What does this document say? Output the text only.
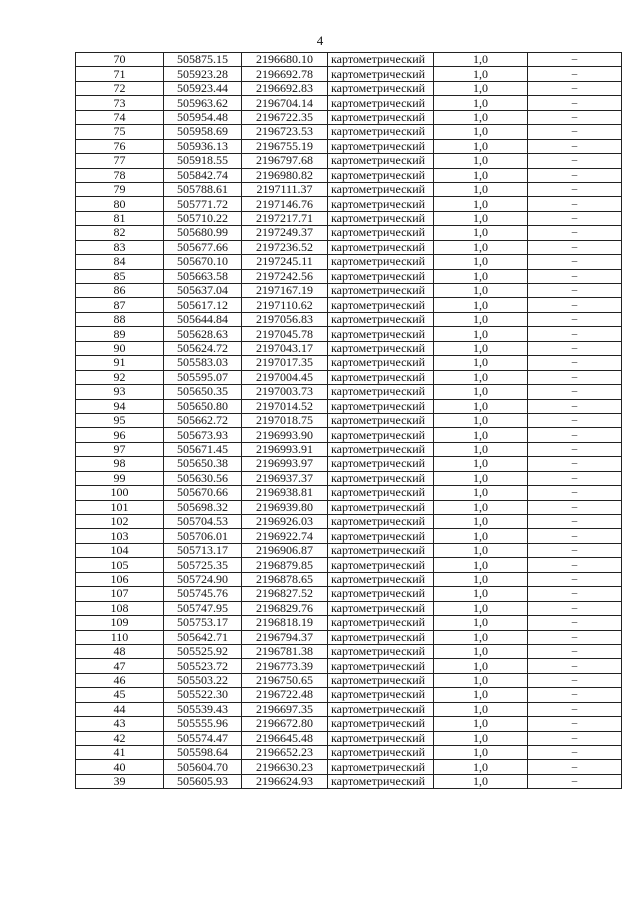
4
70	505875.15	2196680.10	картометрический	1,0	–
71	505923.28	2196692.78	картометрический	1,0	–
72	505923.44	2196692.83	картометрический	1,0	–
73	505963.62	2196704.14	картометрический	1,0	–
74	505954.48	2196722.35	картометрический	1,0	–
75	505958.69	2196723.53	картометрический	1,0	–
76	505936.13	2196755.19	картометрический	1,0	–
77	505918.55	2196797.68	картометрический	1,0	–
78	505842.74	2196980.82	картометрический	1,0	–
79	505788.61	2197111.37	картометрический	1,0	–
80	505771.72	2197146.76	картометрический	1,0	–
81	505710.22	2197217.71	картометрический	1,0	–
82	505680.99	2197249.37	картометрический	1,0	–
83	505677.66	2197236.52	картометрический	1,0	–
84	505670.10	2197245.11	картометрический	1,0	–
85	505663.58	2197242.56	картометрический	1,0	–
86	505637.04	2197167.19	картометрический	1,0	–
87	505617.12	2197110.62	картометрический	1,0	–
88	505644.84	2197056.83	картометрический	1,0	–
89	505628.63	2197045.78	картометрический	1,0	–
90	505624.72	2197043.17	картометрический	1,0	–
91	505583.03	2197017.35	картометрический	1,0	–
92	505595.07	2197004.45	картометрический	1,0	–
93	505650.35	2197003.73	картометрический	1,0	–
94	505650.80	2197014.52	картометрический	1,0	–
95	505662.72	2197018.75	картометрический	1,0	–
96	505673.93	2196993.90	картометрический	1,0	–
97	505671.45	2196993.91	картометрический	1,0	–
98	505650.38	2196993.97	картометрический	1,0	–
99	505630.56	2196937.37	картометрический	1,0	–
100	505670.66	2196938.81	картометрический	1,0	–
101	505698.32	2196939.80	картометрический	1,0	–
102	505704.53	2196926.03	картометрический	1,0	–
103	505706.01	2196922.74	картометрический	1,0	–
104	505713.17	2196906.87	картометрический	1,0	–
105	505725.35	2196879.85	картометрический	1,0	–
106	505724.90	2196878.65	картометрический	1,0	–
107	505745.76	2196827.52	картометрический	1,0	–
108	505747.95	2196829.76	картометрический	1,0	–
109	505753.17	2196818.19	картометрический	1,0	–
110	505642.71	2196794.37	картометрический	1,0	–
48	505525.92	2196781.38	картометрический	1,0	–
47	505523.72	2196773.39	картометрический	1,0	–
46	505503.22	2196750.65	картометрический	1,0	–
45	505522.30	2196722.48	картометрический	1,0	–
44	505539.43	2196697.35	картометрический	1,0	–
43	505555.96	2196672.80	картометрический	1,0	–
42	505574.47	2196645.48	картометрический	1,0	–
41	505598.64	2196652.23	картометрический	1,0	–
40	505604.70	2196630.23	картометрический	1,0	–
39	505605.93	2196624.93	картометрический	1,0	–
